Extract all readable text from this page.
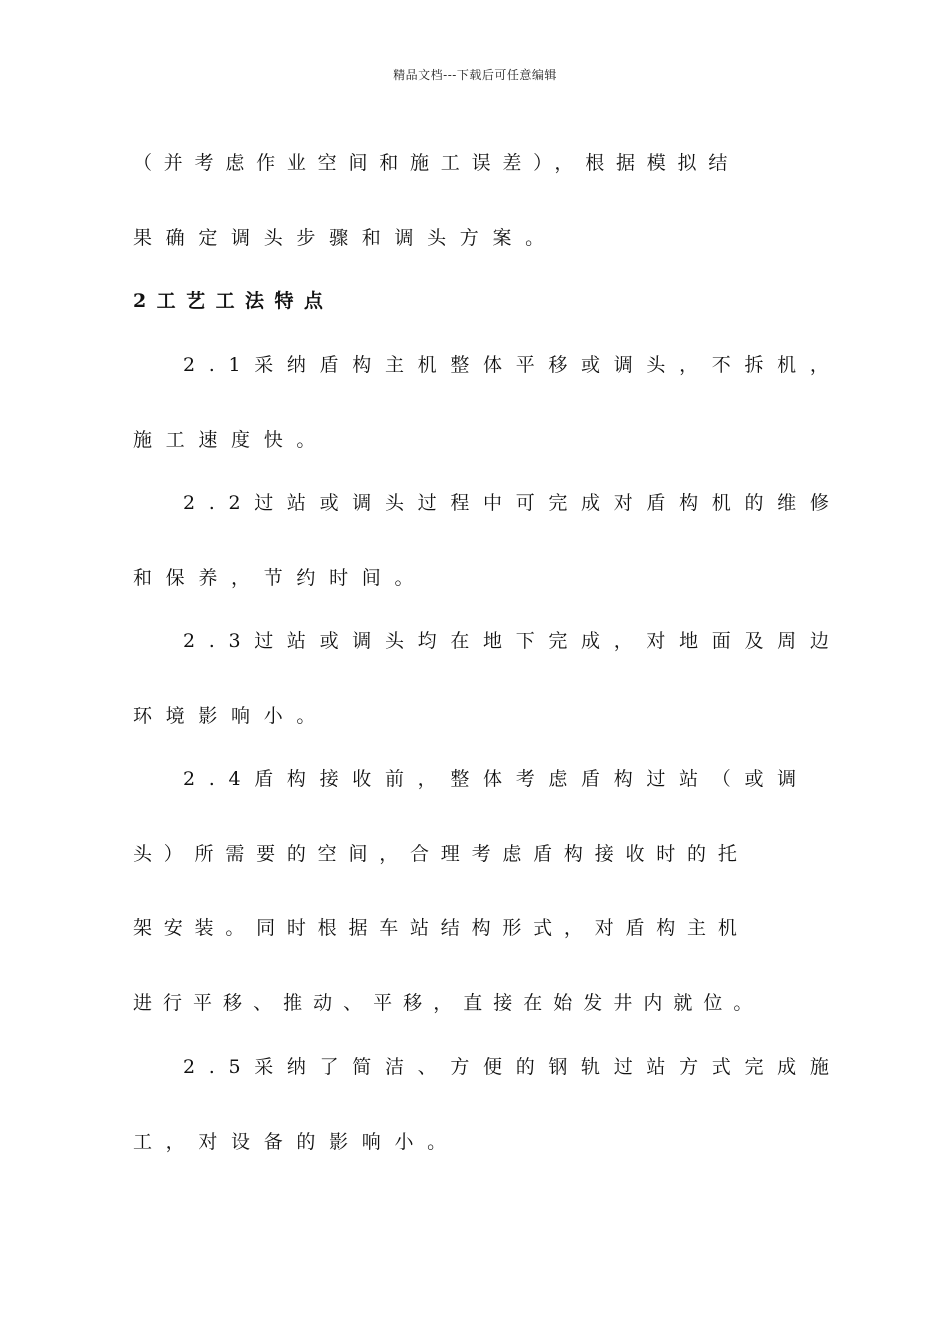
精品文档---下载后可任意编辑
（并考虑作业空间和施工误差），根据模拟结
果确定调头步骤和调头方案。
2工艺工法特点
2.1采纳盾构主机整体平移或调头，不拆机，
施工速度快。
2.2过站或调头过程中可完成对盾构机的维修
和保养，节约时间。
2.3过站或调头均在地下完成，对地面及周边
环境影响小。
2.4盾构接收前，整体考虑盾构过站（或调
头）所需要的空间，合理考虑盾构接收时的托
架安装。同时根据车站结构形式，对盾构主机
进行平移、推动、平移，直接在始发井内就位。
2.5采纳了简洁、方便的钢轨过站方式完成施
工，对设备的影响小。
